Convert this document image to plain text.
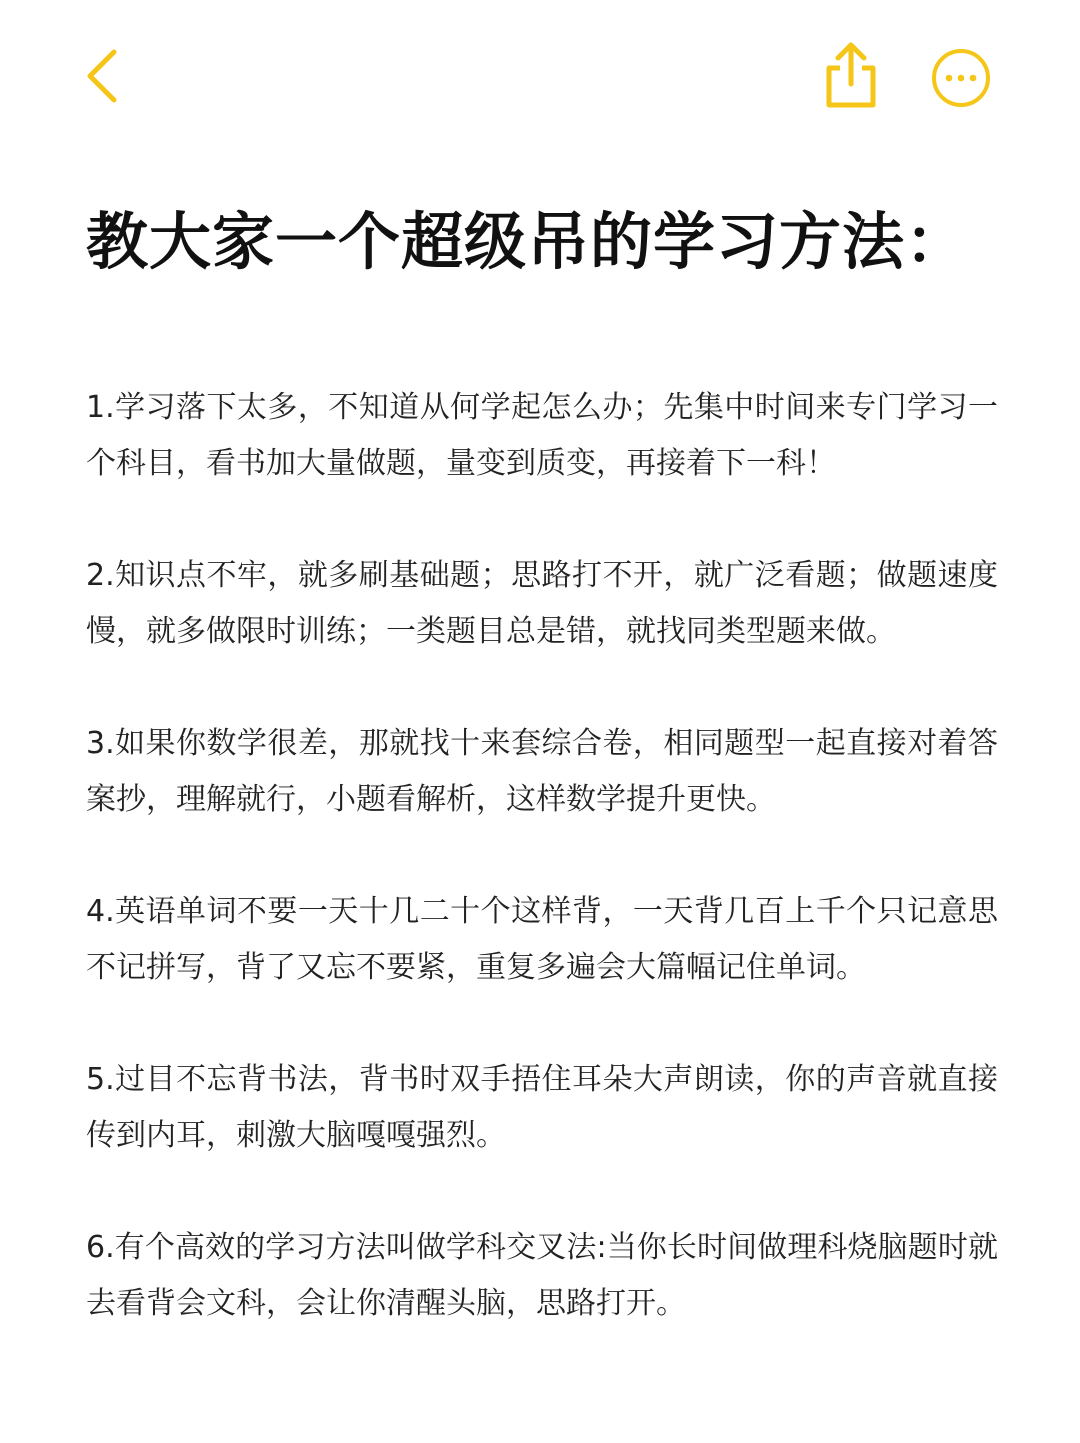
教大家一个超级吊的学习方法：

1.学习落下太多，不知道从何学起怎么办；先集中时间来专门学习一个科目，看书加大量做题，量变到质变，再接着下一科！

2.知识点不牢，就多刷基础题；思路打不开，就广泛看题；做题速度慢，就多做限时训练；一类题目总是错，就找同类型题来做。

3.如果你数学很差，那就找十来套综合卷，相同题型一起直接对着答案抄，理解就行，小题看解析，这样数学提升更快。

4.英语单词不要一天十几二十个这样背，一天背几百上千个只记意思不记拼写，背了又忘不要紧，重复多遍会大篇幅记住单词。

5.过目不忘背书法，背书时双手捂住耳朵大声朗读，你的声音就直接传到内耳，刺激大脑嘎嘎强烈。

6.有个高效的学习方法叫做学科交叉法:当你长时间做理科烧脑题时就去看背会文科，会让你清醒头脑，思路打开。
